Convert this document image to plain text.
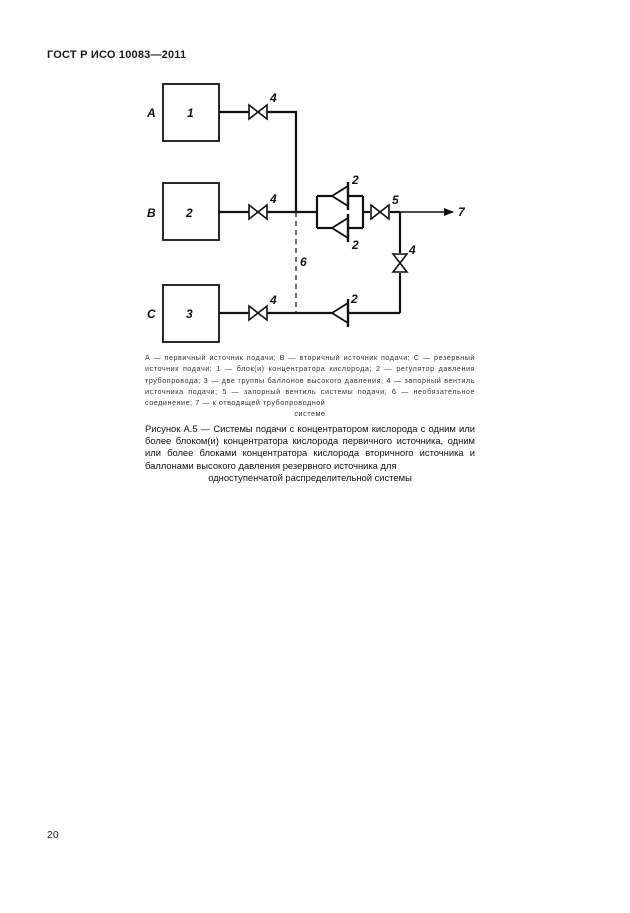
ГОСТ Р ИСО 10083—2011
A
B
C
1
2
3
4
4
4
4
2
2
2
5
6
7
A — первичный источник подачи; B — вторичный источник подачи; C — резервный источник подачи; 1 — блок(и) концентратора кислорода; 2 — регулятор давления трубопровода; 3 — две группы баллонов высокого давления; 4 — запорный вентиль источника подачи; 5 — запорный вентиль системы подачи; 6 — необязательное соединение; 7 — к отводящей трубопроводной
системе
Рисунок А.5 — Системы подачи с концентратором кислорода с одним или более блоком(и) концентратора кислорода первичного источника, одним или более блоками концентратора кислорода вторичного источника и баллонами высокого давления резервного источника для
одноступенчатой распределительной системы
20
